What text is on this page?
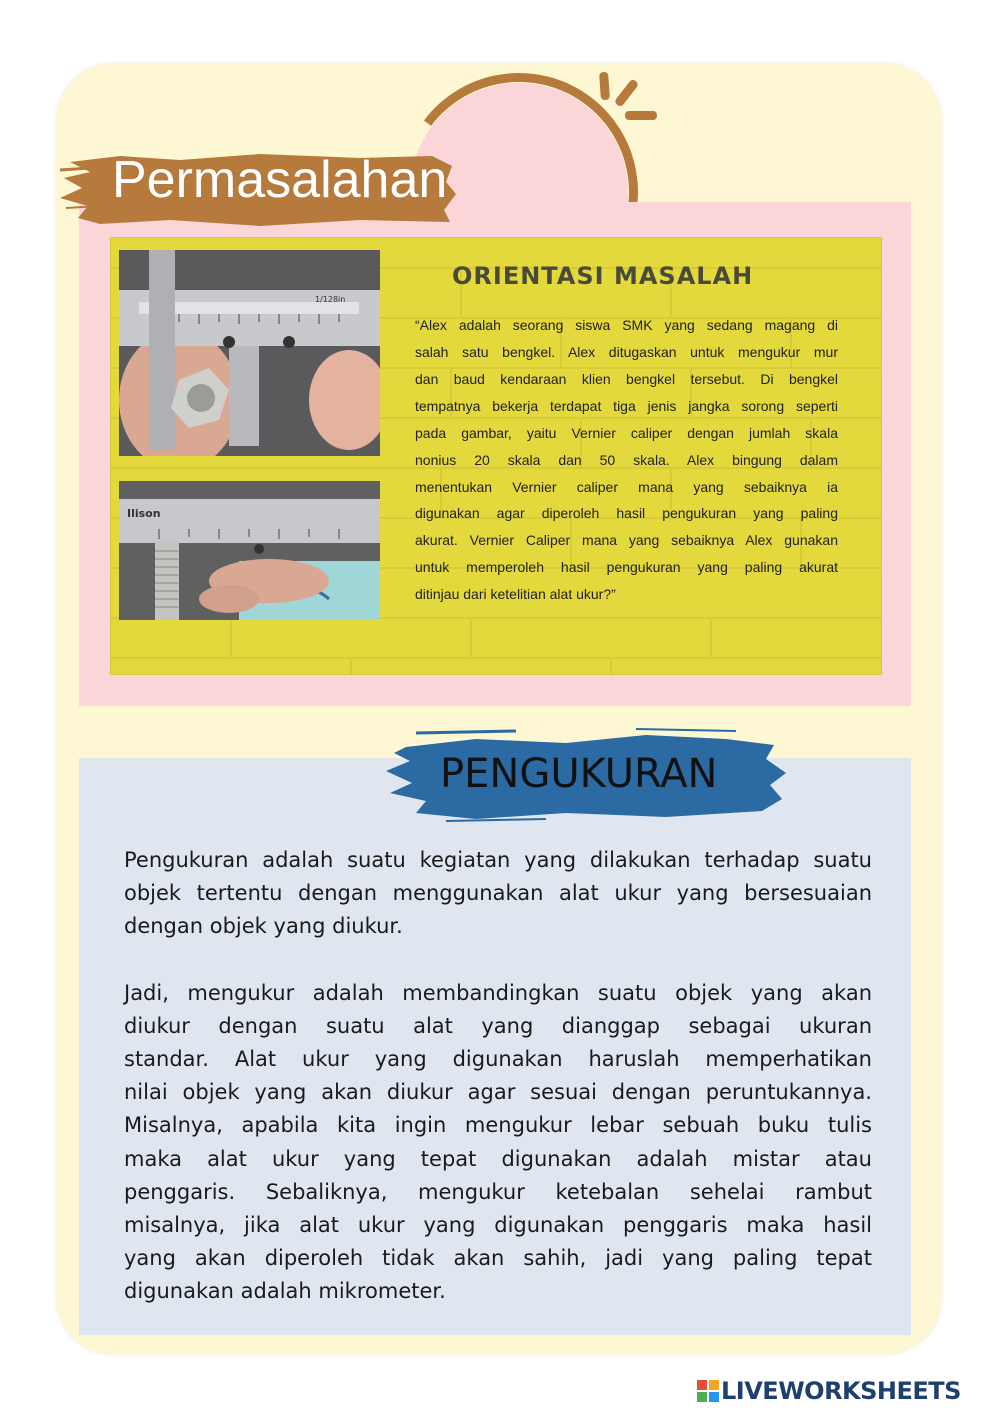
Permasalahan
1/128in
Ilison
ORIENTASI MASALAH
“Alex adalah seorang siswa SMK yang sedang magang di
salah satu bengkel. Alex ditugaskan untuk mengukur mur
dan baud kendaraan klien bengkel tersebut. Di bengkel
tempatnya bekerja terdapat tiga jenis jangka sorong seperti
pada gambar, yaitu Vernier caliper dengan jumlah skala
nonius 20 skala dan 50 skala. Alex bingung dalam
menentukan Vernier caliper mana yang sebaiknya ia
digunakan agar diperoleh hasil pengukuran yang paling
akurat. Vernier Caliper mana yang sebaiknya Alex gunakan
untuk memperoleh hasil pengukuran yang paling akurat
ditinjau dari ketelitian alat ukur?”
PENGUKURAN
Pengukuran adalah suatu kegiatan yang dilakukan terhadap suatu
objek tertentu dengan menggunakan alat ukur yang bersesuaian
dengan objek yang diukur.
Jadi, mengukur adalah membandingkan suatu objek yang akan
diukur dengan suatu alat yang dianggap sebagai ukuran
standar. Alat ukur yang digunakan haruslah memperhatikan
nilai objek yang akan diukur agar sesuai dengan peruntukannya.
Misalnya, apabila kita ingin mengukur lebar sebuah buku tulis
maka alat ukur yang tepat digunakan adalah mistar atau
penggaris. Sebaliknya, mengukur ketebalan sehelai rambut
misalnya, jika alat ukur yang digunakan penggaris maka hasil
yang akan diperoleh tidak akan sahih, jadi yang paling tepat
digunakan adalah mikrometer.
LIVEWORKSHEETS
